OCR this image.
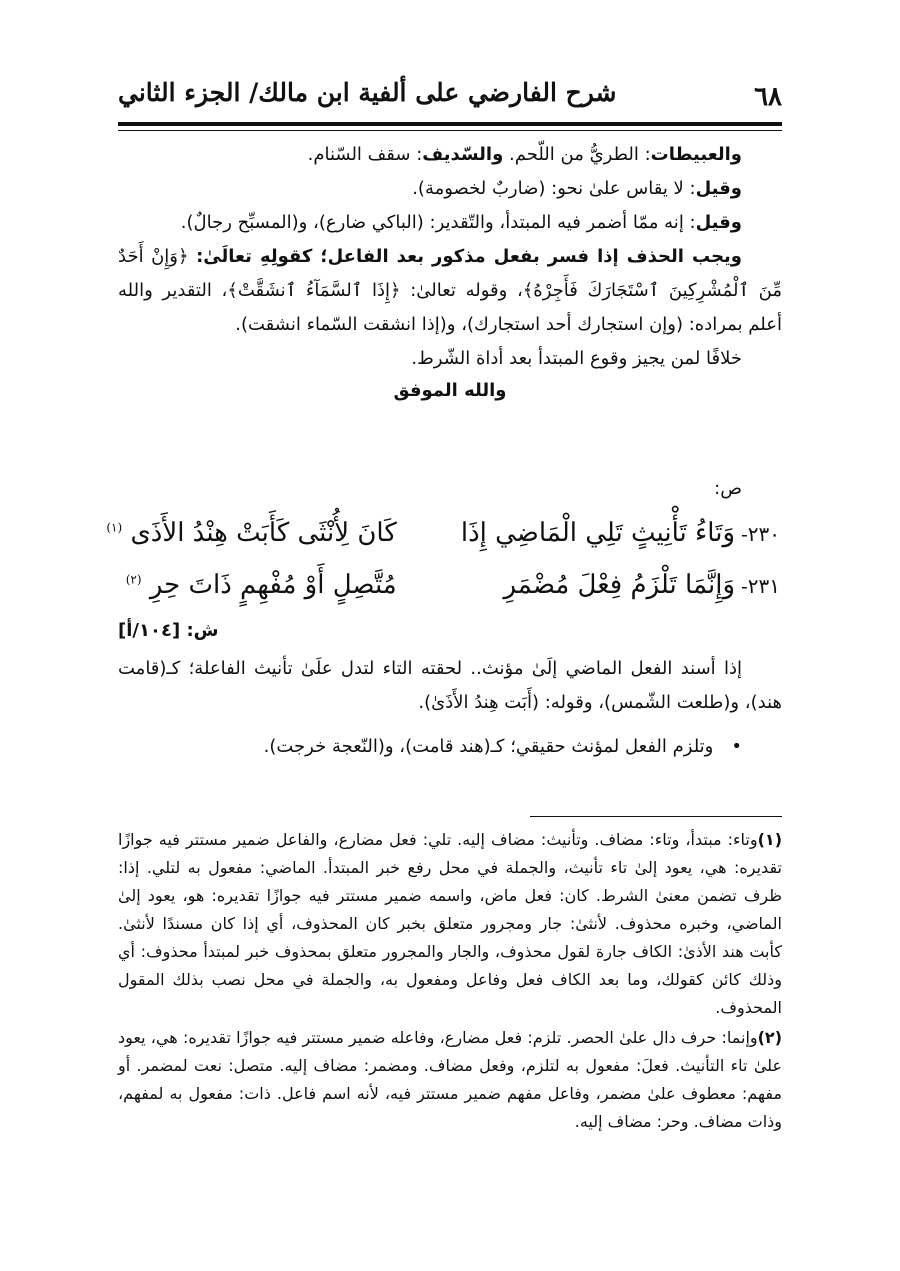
٦٨
شرح الفارضي على ألفية ابن مالك/ الجزء الثاني

والعبيطات: الطريُّ من اللّحم. والسّديف: سقف السّنام.

وقيل: لا يقاس علىٰ نحو: (ضاربٌ لخصومة).

وقيل: إنه ممّا أضمر فيه المبتدأ، والتّقدير: (الباكي ضارع)، و(المسبِّح رجالٌ).

ويجب الحذف إذا فسر بفعل مذكور بعد الفاعل؛ كقولِهِ تعالَىٰ: ﴿وَإِنْ أَحَدٌ مِّنَ ٱلْمُشْرِكِينَ ٱسْتَجَارَكَ فَأَجِرْهُ﴾، وقوله تعالىٰ: ﴿إِذَا ٱلسَّمَآءُ ٱنشَقَّتْ﴾، التقدير والله أعلم بمراده: (وإن استجارك أحد استجارك)، و(إذا انشقت السّماء انشقت).

خلافًا لمن يجيز وقوع المبتدأ بعد أداة الشّرط.

والله الموفق
ص:
٢٣٠-وَتَاءُ تَأْنِيثٍ تَلِي الْمَاضِي إِذَا كَانَ لِأُنْثَى كَأَبَتْ هِنْدُ الأَذَى $^{(١)}$
٢٣١-وَإِنَّمَا تَلْزَمُ فِعْلَ مُضْمَرِ مُتَّصِلٍ أَوْ مُفْهِمٍ ذَاتَ حِرِ $^{(٢)}$
ش: [١٠٤/أ]

إذا أسند الفعل الماضي إلَىٰ مؤنث.. لحقته التاء لتدل علَىٰ تأنيث الفاعلة؛ كـ(قامت هند)، و(طلعت الشّمس)، وقوله: (أَبَت هِندُ الأَذَىٰ).

•وتلزم الفعل لمؤنث حقيقي؛ كـ(هند قامت)، و(النّعجة خرجت).

(١)وتاء: مبتدأ، وتاء: مضاف. وتأنيث: مضاف إليه. تلي: فعل مضارع، والفاعل ضمير مستتر فيه جوازًا تقديره: هي، يعود إلىٰ تاء تأنيث، والجملة في محل رفع خبر المبتدأ. الماضي: مفعول به لتلي. إذا: ظرف تضمن معنىٰ الشرط. كان: فعل ماض، واسمه ضمير مستتر فيه جوازًا تقديره: هو، يعود إلىٰ الماضي، وخبره محذوف. لأنثىٰ: جار ومجرور متعلق بخبر كان المحذوف، أي إذا كان مسندًا لأنثىٰ. كأبت هند الأذىٰ: الكاف جارة لقول محذوف، والجار والمجرور متعلق بمحذوف خبر لمبتدأ محذوف: أي وذلك كائن كقولك، وما بعد الكاف فعل وفاعل ومفعول به، والجملة في محل نصب بذلك المقول المحذوف.

(٢)وإنما: حرف دال علىٰ الحصر. تلزم: فعل مضارع، وفاعله ضمير مستتر فيه جوازًا تقديره: هي، يعود علىٰ تاء التأنيث. فعلَ: مفعول به لتلزم، وفعل مضاف. ومضمر: مضاف إليه. متصل: نعت لمضمر. أو مفهم: معطوف علىٰ مضمر، وفاعل مفهم ضمير مستتر فيه، لأنه اسم فاعل. ذات: مفعول به لمفهم، وذات مضاف. وحر: مضاف إليه.
